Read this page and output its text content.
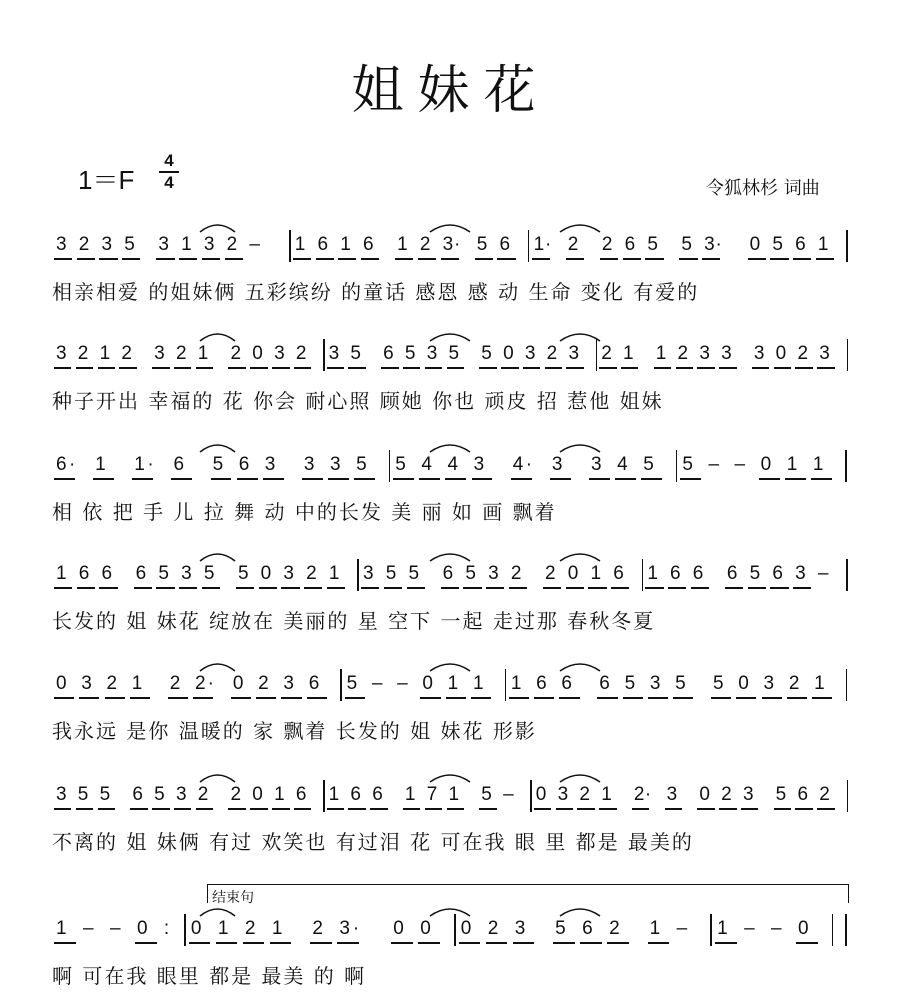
姐妹花
1＝F
4
4	令狐林杉 词曲
结束句
3 2 3 5 3 1 3 2 – 1 6 1 6 1 2 3 · 5 6 1 · 2 2 6 5 5 3 · 0 5 6 1
相亲相爱 的姐妹俩 五彩缤纷 的童话 感恩 感 动 生命 变化 有爱的
3 2 1 2 3 2 1 2 0 3 2 3 5 6 5 3 5 5 0 3 2 3 2 1 1 2 3 3 3 0 2 3
种子开出 幸福的 花 你会 耐心照 顾她 你也 顽皮 招 惹他 姐妹
6 · 1 1 · 6 5 6 3 3 3 5 5 4 4 3 4 · 3 3 4 5 5 – – 0 1 1
相 依 把 手 儿 拉 舞 动 中的长发 美 丽 如 画 飘着
1 6 6 6 5 3 5 5 0 3 2 1 3 5 5 6 5 3 2 2 0 1 6 1 6 6 6 5 6 3 –
长发的 姐 妹花 绽放在 美丽的 星 空下 一起 走过那 春秋冬夏
0 3 2 1 2 2 · 0 2 3 6 5 – – 0 1 1 1 6 6 6 5 3 5 5 0 3 2 1
我永远 是你 温暖的 家 飘着 长发的 姐 妹花 形影
3 5 5 6 5 3 2 2 0 1 6 1 6 6 1 7 1 5 – 0 3 2 1 2 · 3 0 2 3 5 6 2
不离的 姐 妹俩 有过 欢笑也 有过泪 花 可在我 眼 里 都是 最美的
1 – – 0 : 0 1 2 1 2 3 · 0 0 0 2 3 5 6 2 1 – 1 – – 0
啊 可在我 眼里 都是 最美 的 啊
